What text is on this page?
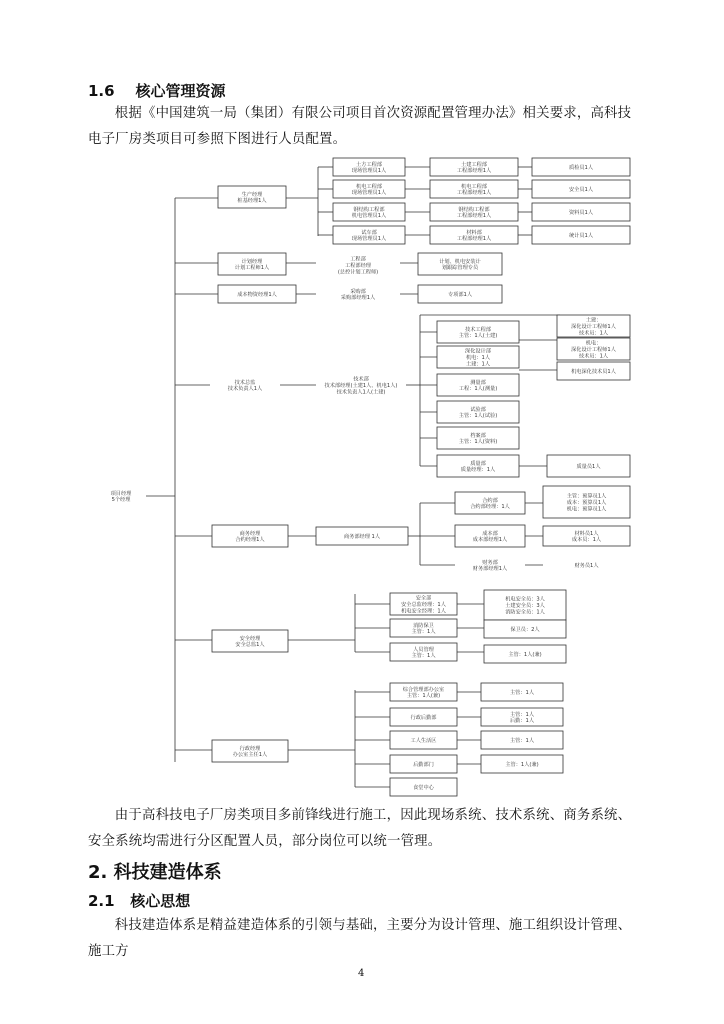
1.6 核心管理资源
根据《中国建筑一局（集团）有限公司项目首次资源配置管理办法》相关要求，高科技电子厂房类项目可参照下图进行人员配置。
项目经理
5个经理
生产经理
桩基经理1人
土方工程部
现场管理员1人
机电工程部
现场管理员1人
钢结构工程部
机电管理员1人
试车部
现场管理员1人
土建工程部
工程部经理1人
机电工程部
工程部经理1人
钢结构工程部
工程部经理1人
材料部
工程部经理1人
质检员1人
安全员1人
资料员1人
统计员1人
计划经理
计划工程师1人
工程部
工程部经理
(总控计划工程师)
计划、机电安装计
划跟踪管理专员
成本物资经理1人
采购部
采购部经理1人
专项部1人
技术总监
技术负责人1人
技术部
技术部经理(土建1人、机电1人)
技术负责人1人(土建)
技术工程部
主管：1人(土建)
深化设计部
机电：1人
土建：1人
测量部
工程：1人(测量)
试验部
主管：1人(试验)
档案部
主管：1人(资料)
质量部
质量经理：1人
质量员1人
土建：
深化设计工程师1人
技术员：1人
机电：
深化设计工程师1人
技术员：1人
机电深化技术员1人
商务经理
合约经理1人
商务部经理 1人
合约部
合约部经理：1人
成本部
成本部经理1人
财务部
财务部经理1人
主管：预算员1人
成本：预算员1人
机电：预算员1人
材料员1人
成本员：1人
财务员1人
安全经理
安全总监1人
安全部
安全总监经理：1人
机电安全经理：1人
消防保卫
主管：1人
人员管理
主管：1人
机电安全员：3人
土建安全员：3人
消防安全员：1人
保卫员：2人
主管：1人(兼)
行政经理
办公室主任1人
综合管理部办公室
主管：1人(兼)
行政后勤部
工人生活区
后勤部门
食堂中心
主管：1人
主管：1人
后勤：1人
主管：1人
主管：1人(兼)
由于高科技电子厂房类项目多前锋线进行施工，因此现场系统、技术系统、商务系统、安全系统均需进行分区配置人员，部分岗位可以统一管理。
2. 科技建造体系
2.1 核心思想
科技建造体系是精益建造体系的引领与基础，主要分为设计管理、施工组织设计管理、施工方
4
